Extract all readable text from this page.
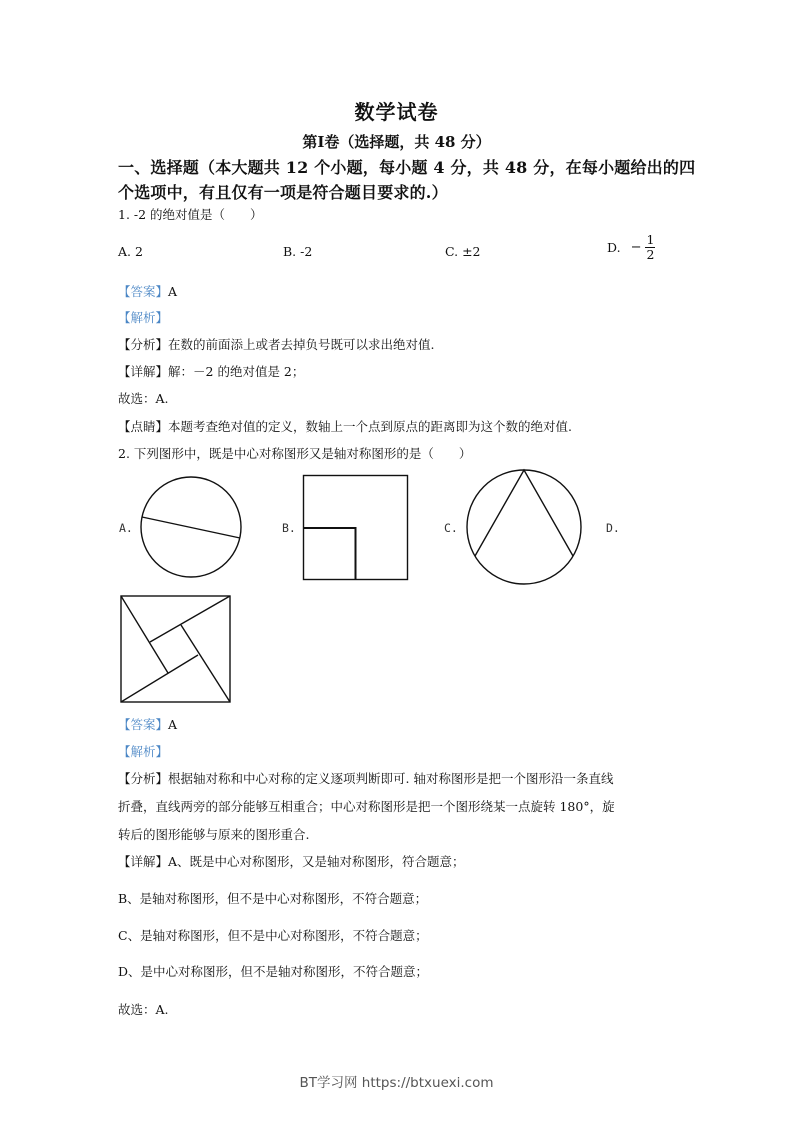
数学试卷
第Ⅰ卷（选择题，共 48 分）
一、选择题（本大题共 12 个小题，每小题 4 分，共 48 分，在每小题给出的四
个选项中，有且仅有一项是符合题目要求的.）
1. -2 的绝对值是（　　）
A. 2	B. -2	C. ±2	D. − $\frac{1}{2}$
【答案】A
【解析】
【分析】在数的前面添上或者去掉负号既可以求出绝对值.
【详解】解：－2 的绝对值是 2；
故选：A.
【点睛】本题考查绝对值的定义，数轴上一个点到原点的距离即为这个数的绝对值.
2. 下列图形中，既是中心对称图形又是轴对称图形的是（　　）
A.	B.	C.	D.
【答案】A
【解析】
【分析】根据轴对称和中心对称的定义逐项判断即可. 轴对称图形是把一个图形沿一条直线
折叠，直线两旁的部分能够互相重合；中心对称图形是把一个图形绕某一点旋转 180°，旋
转后的图形能够与原来的图形重合.
【详解】A、既是中心对称图形，又是轴对称图形，符合题意；
B、是轴对称图形，但不是中心对称图形，不符合题意；
C、是轴对称图形，但不是中心对称图形，不符合题意；
D、是中心对称图形，但不是轴对称图形，不符合题意；
故选：A.
BT学习网 https://btxuexi.com
